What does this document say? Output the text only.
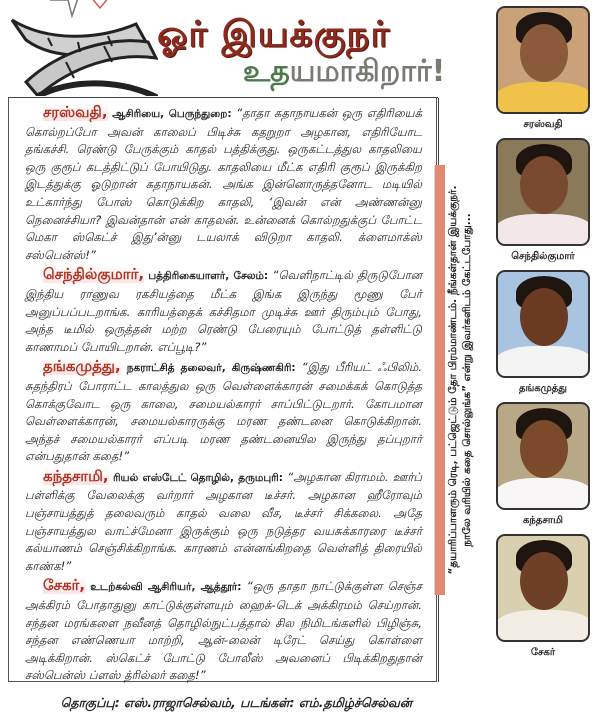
ஓர் இயக்குநர்
உதயமாகிறார்!

சரஸ்வதி, ஆசிரியை, பெருந்துறை: “தாதா கதாநாயகன் ஒரு எதிரியைக் கொல்றப்போ அவன் காலைப் பிடிச்சு கதறுறா அழகான, எதிரியோட தங்கச்சி. ரெண்டு பேருக்கும் காதல் பத்திக்குது. ஒருகட்டத்துல காதலியை ஒரு குரூப் கடத்திட்டுப் போயிடுது. காதலியை மீட்க எதிரி குரூப் இருக்கிற இடத்துக்கு ஓடுறான் கதாநாயகன். அங்க இன்னொருத்தனோட மடியில் உட்கார்ந்து போஸ் கொடுக்கிற காதலி, ‘இவன் என் அண்ணன்னு நெனைச்சியா? இவன்தான் என் காதலன். உன்னைக் கொல்றதுக்குப் போட்ட மெகா ஸ்கெட்ச் இது’ன்னு டயலாக் விடுறா காதலி. க்ளைமாக்ஸ் சஸ்பென்ஸ்!”

செந்தில்குமார், பத்திரிகையாளர், சேலம்: “வெளிநாட்டில் திருடுபோன இந்திய ராணுவ ரகசியத்தை மீட்க இங்க இருந்து மூணு பேர் அனுப்பப்படறாங்க. காரியத்தைக் கச்சிதமா முடிச்சு ஊர் திரும்பும் போது, அந்த டீமில் ஒருத்தன் மற்ற ரெண்டு பேரையும் போட்டுத் தள்ளிட்டு காணாமப் போயிடறான். எப்பூடி?”

தங்கமுத்து, நகராட்சித் தலைவர், கிருஷ்ணகிரி: “இது பீரியட் ஃபிலிம். சுதந்திரப் போராட்ட காலத்துல ஒரு வெள்ளைக்காரன் சமைக்கக் கொடுத்த கொக்குவோட ஒரு காலை, சமையல்காரர் சாப்பிட்டுடறார். கோபமான வெள்ளைக்காரன், சமையல்காரருக்கு மரண தண்டனை கொடுக்கிறான். அந்தச் சமையல்காரர் எப்படி மரண தண்டனையில இருந்து தப்புறார் என்பதுதான் கதை!”

கந்தசாமி, ரியல் எஸ்டேட் தொழில், தருமபுரி: “அழகான கிராமம். ஊர்ப் பள்ளிக்கு வேலைக்கு வர்றார் அழகான டீச்சர். அழகான ஹீரோவும் பஞ்சாயத்துத் தலைவரும் காதல் வலை வீச, டீச்சர் சிக்கலை. அதே பஞ்சாயத்துல வாட்ச்மேனா இருக்கும் ஒரு நடுத்தர வயசுக்காரரை டீச்சர் கல்யாணம் செஞ்சிக்கிறாங்க. காரணம் என்னங்கிறதை வெள்ளித் திரையில் காண்க!”

சேகர், உடற்கல்வி ஆசிரியர், ஆத்தூர்: “ஒரு தாதா நாட்டுக்குள்ள செஞ்ச அக்கிரம் போதாதுனு காட்டுக்குள்ளயும் ஹைக்-டெக் அக்கிரமம் செய்றான். சந்தன மரங்களை நவீனத் தொழில்நுட்பத்தால் சில நிமிடங்களில் பிழிஞ்சு, சந்தன எண்ணெயா மாற்றி, ஆன்-லைன் டிரேட் செய்து கொள்ளை அடிக்கிறான். ஸ்கெட்ச் போட்டு போலீஸ் அவனைப் பிடிக்கிறதுதான் சஸ்பென்ஸ் ப்ளஸ் த்ரில்லர் கதை!”

தொகுப்பு: எஸ்.ராஜாசெல்வம், படங்கள்: எம்.தமிழ்ச்செல்வன்
“தயாரிப்பாளரும் ரெடி, பட்ஜெட்டும் தோ பிரம்மாண்டம். நீங்கள்தான் இயக்குநர். நாலே வரியில் கதை சொல்லுங்க” என்று இவர்களிடம் கேட்டபோது...
சரஸ்வதி
செந்தில்குமார்
தங்கமுத்து
கந்தசாமி
சேகர்
